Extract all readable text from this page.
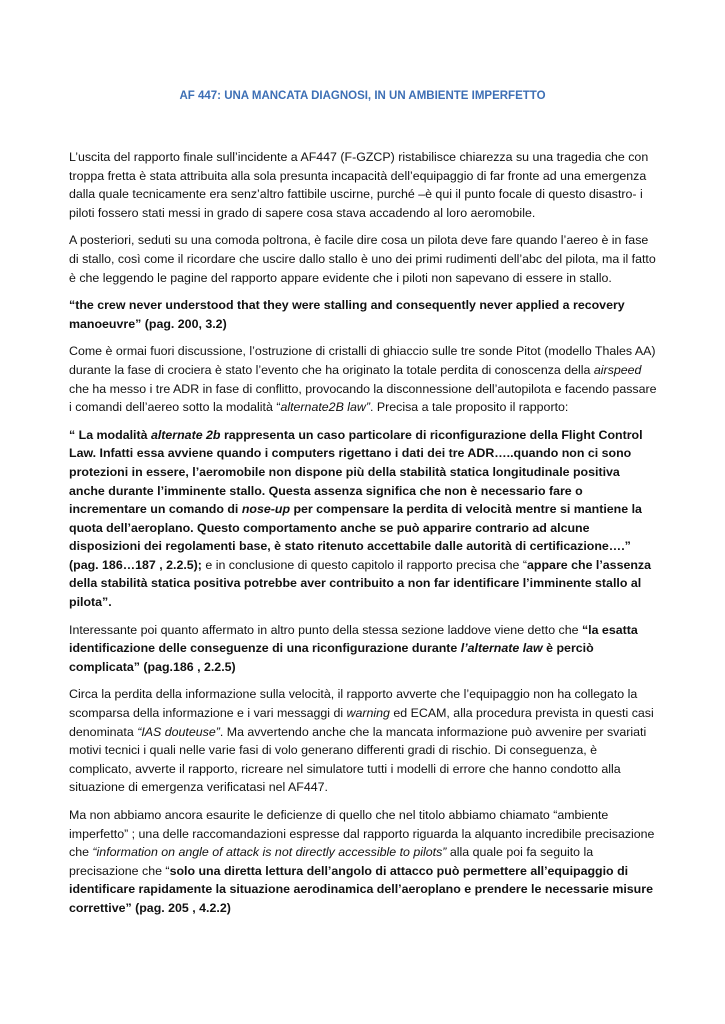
AF 447: UNA MANCATA DIAGNOSI, IN UN AMBIENTE IMPERFETTO

L’uscita del rapporto finale sull’incidente a AF447 (F-GZCP) ristabilisce chiarezza su una tragedia che con troppa fretta è stata attribuita alla sola presunta incapacità dell’equipaggio di far fronte ad una emergenza dalla quale tecnicamente era senz’altro fattibile uscirne, purché –è qui il punto focale di questo disastro- i piloti fossero stati messi in grado di sapere cosa stava accadendo al loro aeromobile.

A posteriori, seduti su una comoda poltrona, è facile dire cosa un pilota deve fare quando l’aereo è in fase di stallo, così come il ricordare che uscire dallo stallo è uno dei primi rudimenti dell’abc del pilota, ma il fatto è che leggendo le pagine del rapporto appare evidente che i piloti non sapevano di essere in stallo.

“the crew never understood that they were stalling and consequently never applied a recovery manoeuvre” (pag. 200, 3.2)

Come è ormai fuori discussione, l’ostruzione di cristalli di ghiaccio sulle tre sonde Pitot (modello Thales AA) durante la fase di crociera è stato l’evento che ha originato la totale perdita di conoscenza della airspeed che ha messo i tre ADR in fase di conflitto, provocando la disconnessione dell’autopilota e facendo passare i comandi dell’aereo sotto la modalità “alternate2B law”. Precisa a tale proposito il rapporto:

“ La modalità alternate 2b rappresenta un caso particolare di riconfigurazione della Flight Control Law. Infatti essa avviene quando i computers rigettano i dati dei tre ADR…..quando non ci sono protezioni in essere, l’aeromobile non dispone più della stabilità statica longitudinale positiva anche durante l’imminente stallo. Questa assenza significa che non è necessario fare o incrementare un comando di nose-up per compensare la perdita di velocità mentre si mantiene la quota dell’aeroplano. Questo comportamento anche se può apparire contrario ad alcune disposizioni dei regolamenti base, è stato ritenuto accettabile dalle autorità di certificazione….” (pag. 186…187 , 2.2.5); e in conclusione di questo capitolo il rapporto precisa che “appare che l’assenza della stabilità statica positiva potrebbe aver contribuito a non far identificare l’imminente stallo al pilota”.

Interessante poi quanto affermato in altro punto della stessa sezione laddove viene detto che “la esatta identificazione delle conseguenze di una riconfigurazione durante l’alternate law è perciò complicata” (pag.186 , 2.2.5)

Circa la perdita della informazione sulla velocità, il rapporto avverte che l’equipaggio non ha collegato la scomparsa della informazione e i vari messaggi di warning ed ECAM, alla procedura prevista in questi casi denominata “IAS douteuse”. Ma avvertendo anche che la mancata informazione può avvenire per svariati motivi tecnici i quali nelle varie fasi di volo generano differenti gradi di rischio. Di conseguenza, è complicato, avverte il rapporto, ricreare nel simulatore tutti i modelli di errore che hanno condotto alla situazione di emergenza verificatasi nel AF447.

Ma non abbiamo ancora esaurite le deficienze di quello che nel titolo abbiamo chiamato “ambiente imperfetto” ; una delle raccomandazioni espresse dal rapporto riguarda la alquanto incredibile precisazione che “information on angle of attack is not directly accessible to pilots” alla quale poi fa seguito la precisazione che “solo una diretta lettura dell’angolo di attacco può permettere all’equipaggio di identificare rapidamente la situazione aerodinamica dell’aeroplano e prendere le necessarie misure correttive” (pag. 205 , 4.2.2)
